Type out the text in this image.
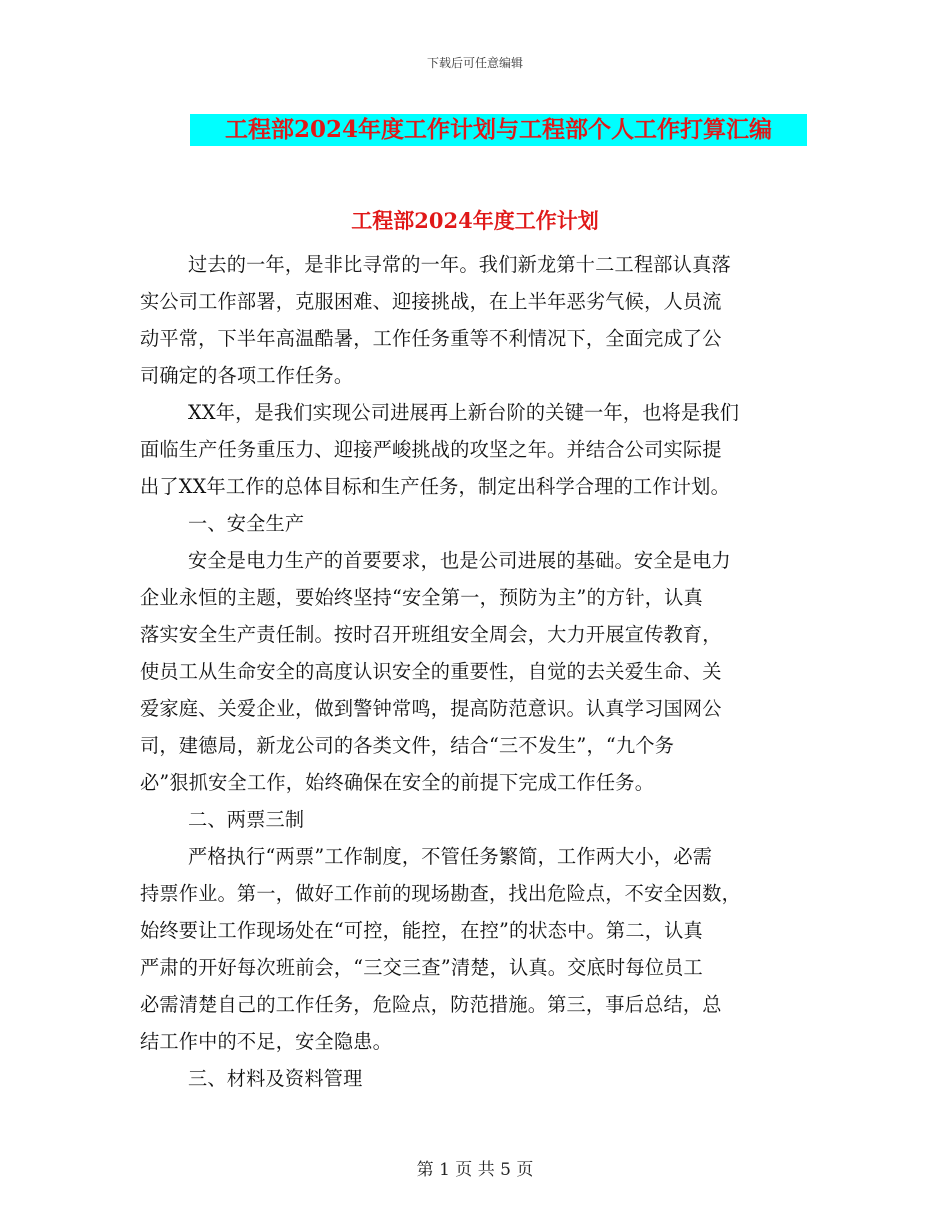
下载后可任意编辑
工程部2024年度工作计划与工程部个人工作打算汇编
工程部2024年度工作计划
过去的一年，是非比寻常的一年。我们新龙第十二工程部认真落
实公司工作部署，克服困难、迎接挑战，在上半年恶劣气候，人员流
动平常，下半年高温酷暑，工作任务重等不利情况下，全面完成了公
司确定的各项工作任务。
XX年，是我们实现公司进展再上新台阶的关键一年，也将是我们
面临生产任务重压力、迎接严峻挑战的攻坚之年。并结合公司实际提
出了XX年工作的总体目标和生产任务，制定出科学合理的工作计划。
一、安全生产
安全是电力生产的首要要求，也是公司进展的基础。安全是电力
企业永恒的主题，要始终坚持“安全第一，预防为主”的方针，认真
落实安全生产责任制。按时召开班组安全周会，大力开展宣传教育，
使员工从生命安全的高度认识安全的重要性，自觉的去关爱生命、关
爱家庭、关爱企业，做到警钟常鸣，提高防范意识。认真学习国网公
司，建德局，新龙公司的各类文件，结合“三不发生”，“九个务
必”狠抓安全工作，始终确保在安全的前提下完成工作任务。
二、两票三制
严格执行“两票”工作制度，不管任务繁简，工作两大小，必需
持票作业。第一，做好工作前的现场勘查，找出危险点，不安全因数，
始终要让工作现场处在“可控，能控，在控”的状态中。第二，认真
严肃的开好每次班前会，“三交三查”清楚，认真。交底时每位员工
必需清楚自己的工作任务，危险点，防范措施。第三，事后总结，总
结工作中的不足，安全隐患。
三、材料及资料管理
第 1 页 共 5 页
